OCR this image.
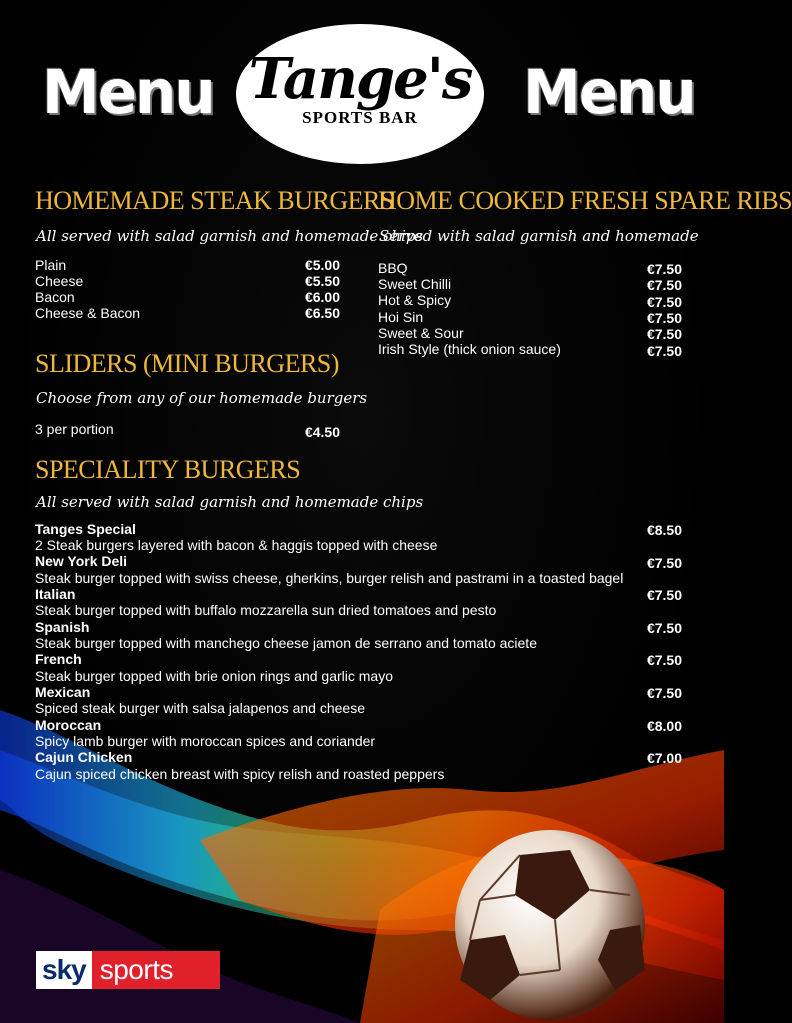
Menu Tange's
SPORTS BAR	Menu
HOMEMADE STEAK BURGERS
All served with salad garnish and homemade chips
Plain	€5.00
Cheese	€5.50
Bacon	€6.00
Cheese & Bacon	€6.50
HOME COOKED FRESH SPARE RIBS
Served with salad garnish and homemade
BBQ	€7.50
Sweet Chilli	€7.50
Hot & Spicy	€7.50
Hoi Sin	€7.50
Sweet & Sour	€7.50
Irish Style (thick onion sauce)	€7.50
SLIDERS (MINI BURGERS)
Choose from any of our homemade burgers
3 per portion	€4.50
SPECIALITY BURGERS
All served with salad garnish and homemade chips
Tanges Special	€8.50
2 Steak burgers layered with bacon & haggis topped with cheese
New York Deli	€7.50
Steak burger topped with swiss cheese, gherkins, burger relish and pastrami in a toasted bagel
Italian	€7.50
Steak burger topped with buffalo mozzarella sun dried tomatoes and pesto
Spanish	€7.50
Steak burger topped with manchego cheese jamon de serrano and tomato aciete
French	€7.50
Steak burger topped with brie onion rings and garlic mayo
Mexican	€7.50
Spiced steak burger with salsa jalapenos and cheese
Moroccan	€8.00
Spicy lamb burger with moroccan spices and coriander
Cajun Chicken	€7.00
Cajun spiced chicken breast with spicy relish and roasted peppers
sky sports
